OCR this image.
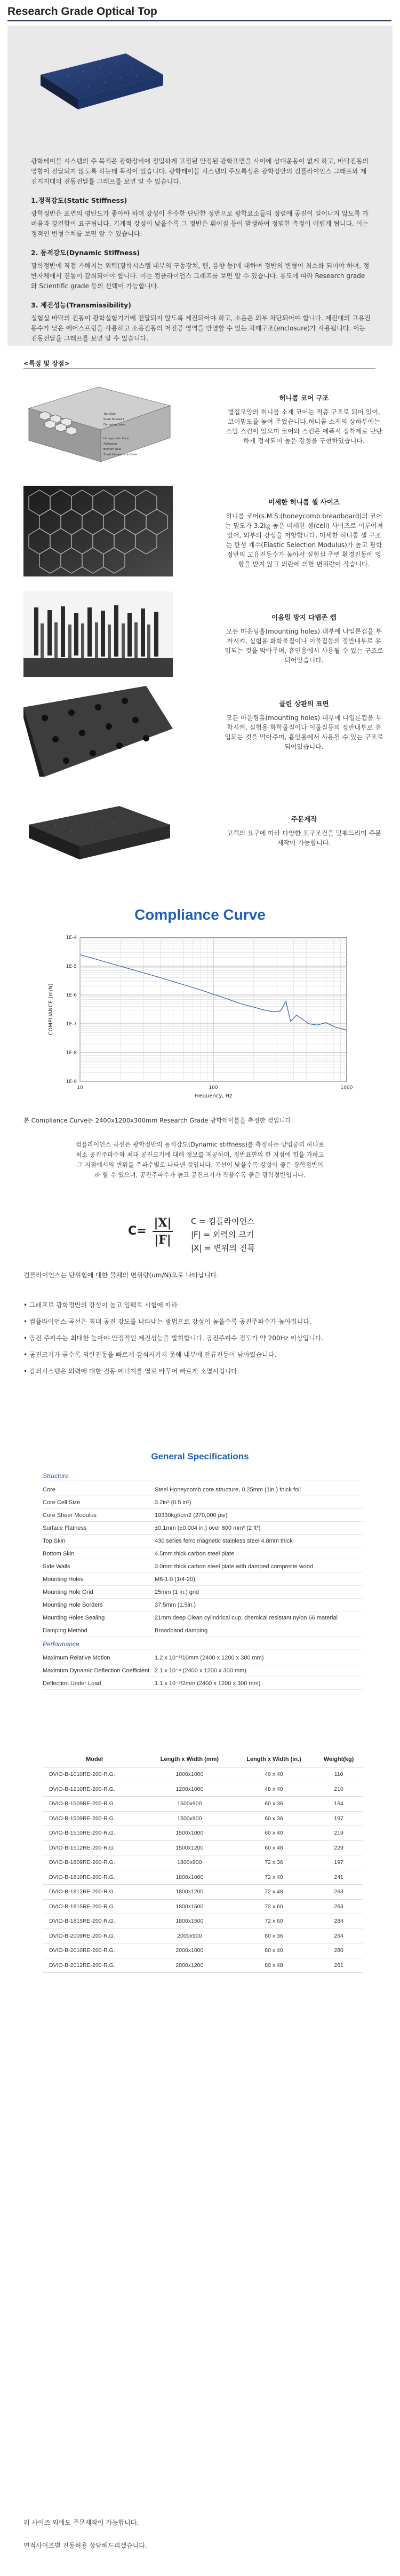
Research Grade Optical Top

광학테이블 시스템의 주 목적은 광학장비에 정밀하게 고정된 안정된 광학표면을 사이에 상대운동이 없게 하고, 바닥진동의 영향이 전달되지 않도록 하는데 목적이 있습니다. 광학테이블 시스템의 주요특성은 광학정반의 컴플라이언스 그래프와 제진지지대의 진동전달률 그래프를 보면 알 수 있습니다.

1.정적강도(Static Stiffness)

광학정반은 표면의 평탄도가 좋아야 하며 강성이 우수한 단단한 정반으로 광학요소들의 정렬에 공진이 일어나지 않도록 가벼움과 강건함이 요구됩니다. 기계적 강성이 낮을수록 그 정반은 휘어짐 등이 발생하여 정밀한 측정이 어렵게 됩니다. 이는 정적인 변형수치를 보면 알 수 있습니다.

2. 동적강도(Dynamic Stiffness)

광학정반에 직접 가해지는 외력(광학시스템 내부의 구동장치, 팬, 음향 등)에 대하여 정반의 변형이 최소화 되어야 하며, 정반자체에서 진동이 감쇠되어야 합니다. 이는 컴플라이언스 그래프를 보면 알 수 있습니다. 용도에 따라 Research grade 와 Scientific grade 등의 선택이 가능합니다.

3. 제진성능(Transmissibility)

실험실 바닥의 진동이 광학실험기기에 전달되지 않도록 제진되어야 하고, 소음은 외부 차단되어야 합니다. 제진대의 고유진동수가 낮은 에어스프링을 사용하고 소음진동의 저진공 영역을 반영할 수 있는 차폐구조(enclosure)가 사용됩니다. 이는 진동전달율 그래프를 보면 알 수 있습니다.

<특징 및 장점>
Top Skin
Steel Sidewall
Damping Layer
Honeycomb Core
Adhesive
Bottom Skin
Steel Honeycomb Core
허니콤 코어 구조
벌집모양의 허니콤 소재 코어는 적층 구조로 되어 있어, 코어밀도를 높여 주었습니다.허니콤 소재의 상하부에는 스틸 스킨이 있으며 코어와 스킨은 에폭시 접착제로 단단하게 접착되어 높은 강성을 구현하였습니다.
미세한 허니콤 셀 사이즈
허니콤 코어(s.M.S.(honeycomb breadboard)의 코어는 밀도가 3.2㎏ 높은 미세한 셀(cell) 사이즈로 이루어져 있어, 외부의 강성을 저항합니다. 미세한 허니콤 셀 구조는 탄성 계수(Elastic Selection Modulus)가 높고 광학정반의 고유진동수가 높아서 실험실 주변 환경진동에 영향을 받지 않고 외란에 의한 변위량이 작습니다.
이음밀 방지 다탭존 캡
모든 마운팅홀(mounting holes) 내부에 나일론컵을 부착시켜, 실험용 화학물질이나 이물질등의 정반내부로 유입되는 것을 막아주며, 흡인용에서 사용될 수 있는 구조로 되어있습니다.
클린 상판의 표면
모든 마운팅홀(mounting holes) 내부에 나일론컵을 부착시켜, 실험용 화학물질이나 이물질등의 정반내부로 유입되는 것을 막아주며, 흡인용에서 사용될 수 있는 구조로 되어있습니다.
주문제작
고객의 요구에 따라 다양한 표구조건을 맞춰드리며 주문제작이 가능합니다.
Compliance Curve
10	100	1000
1E-9
1E-8
1E-7
1E-6
1E-5
1E-4
Frequency, Hz
COMPLIANCE (m/N)
본 Compliance Curve는 2400x1200x300mm Research Grade 광학테이블을 측정한 것입니다.
컴플라이언스 곡선은 광학정반의 동적강도(Dynamic stiffness)를 측정하는 방법중의 하나로 최소 공진주파수와 최대 공진크기에 대해 정보를 제공하며, 정반표면의 한 지점에 힘을 가하고 그 지점에서의 변위를 주파수별로 나타낸 것입니다. 곡선이 낮을수록 강성이 좋은 광학정반이라 할 수 있으며, 공진주파수가 높고 공진크기가 작을수록 좋은 광학정반입니다.
C=
|X|
|F|
C = 컴플라이언스
|F| = 외력의 크기
|X| = 변위의 진폭
컴플라이언스는 단위힘에 대한 물체의 변위량(um/N)으로 나타납니다.
• 그래프로 광학정반의 강성이 높고 임팩트 시험에 따라
• 컴플라이언스 곡선은 최대 공진 강도를 나타내는 방법으로 강성이 높을수록 공진주파수가 높아집니다.
• 공진 주파수는 최대한 높아야 안정적인 제진성능을 발휘합니다. 공진주파수 정도가 약 200Hz 이상입니다.
• 공진크기가 클수록 외란진동을 빠르게 감쇠시키지 못해 내부에 잔류진동이 남아있습니다.
• 감쇠시스템은 외력에 대한 진동 에너지를 열로 바꾸어 빠르게 소멸시킵니다.
General Specifications
Structure
Core	Steel Honeycomb core structure, 0.25mm (1in.) thick foil
Core Cell Size	3.2in² (0.5 in²)
Core Sheer Modulus	19330kgf/cm2 (270,000 psi)
Surface Flatness	±0.1mm (±0.004 in.) over 600 mm² (2 ft²)
Top Skin	430 series ferro magnetic stainless steel 4.8mm thick
Bottom Skin	4.5mm thick carbon steel plate
Side Walls	3.0mm thick carbon steel plate with damped composite wood
Mounting Holes	M6-1.0 (1/4-20)
Mounting Hole Grid	25mm (1 in.) grid
Mounting Hole Borders	37.5mm (1.5in.)
Mounting Holes Sealing	21mm deep Clean cylindrical cup, chemical resistant nylon 66 material
Damping Method	Broadband damping
Performance
Maximum Relative Motion	1.2 x 10⁻¹/10mm (2400 x 1200 x 300 mm)
Maximum Dynamic Deflection Coefficient 2.1 x 10⁻⁴ (2400 x 1200 x 300 mm)
Deflection Under Load	1.1 x 10⁻³/2mm (2400 x 1200 x 300 mm)
Model	Length x Width (mm)	Length x Width (in.)	Weight(kg)
DVIO-B-1010RE-200-R.G.	1000x1000	40 x 40	110
DVIO-B-1210RE-200-R.G.	1200x1000	48 x 40	210
DVIO-B-1509RE-200-R.G.	1500x900	60 x 36	164
DVIO-B-1509RE-200-R.G.	1500x900	60 x 36	197
DVIO-B-1510RE-200-R.G.	1500x1000	60 x 40	219
DVIO-B-1512RE-200-R.G.	1500x1200	60 x 48	229
DVIO-B-1809RE-200-R.G.	1800x900	72 x 36	197
DVIO-B-1810RE-200-R.G.	1800x1000	72 x 40	241
DVIO-B-1812RE-200-R.G.	1800x1200	72 x 48	263
DVIO-B-1815RE-200-R.G.	1800x1500	72 x 60	263
DVIO-B-1815RE-200-R.G.	1800x1500	72 x 60	284
DVIO-B-2009RE-200-R.G.	2000x900	80 x 36	264
DVIO-B-2010RE-200-R.G.	2000x1000	80 x 40	280
DVIO-B-2012RE-200-R.G.	2000x1200	80 x 48	261
위 사이즈 외에도 주문제작이 가능합니다.
면적사이즈별 진동허용 상담해드리겠습니다.
